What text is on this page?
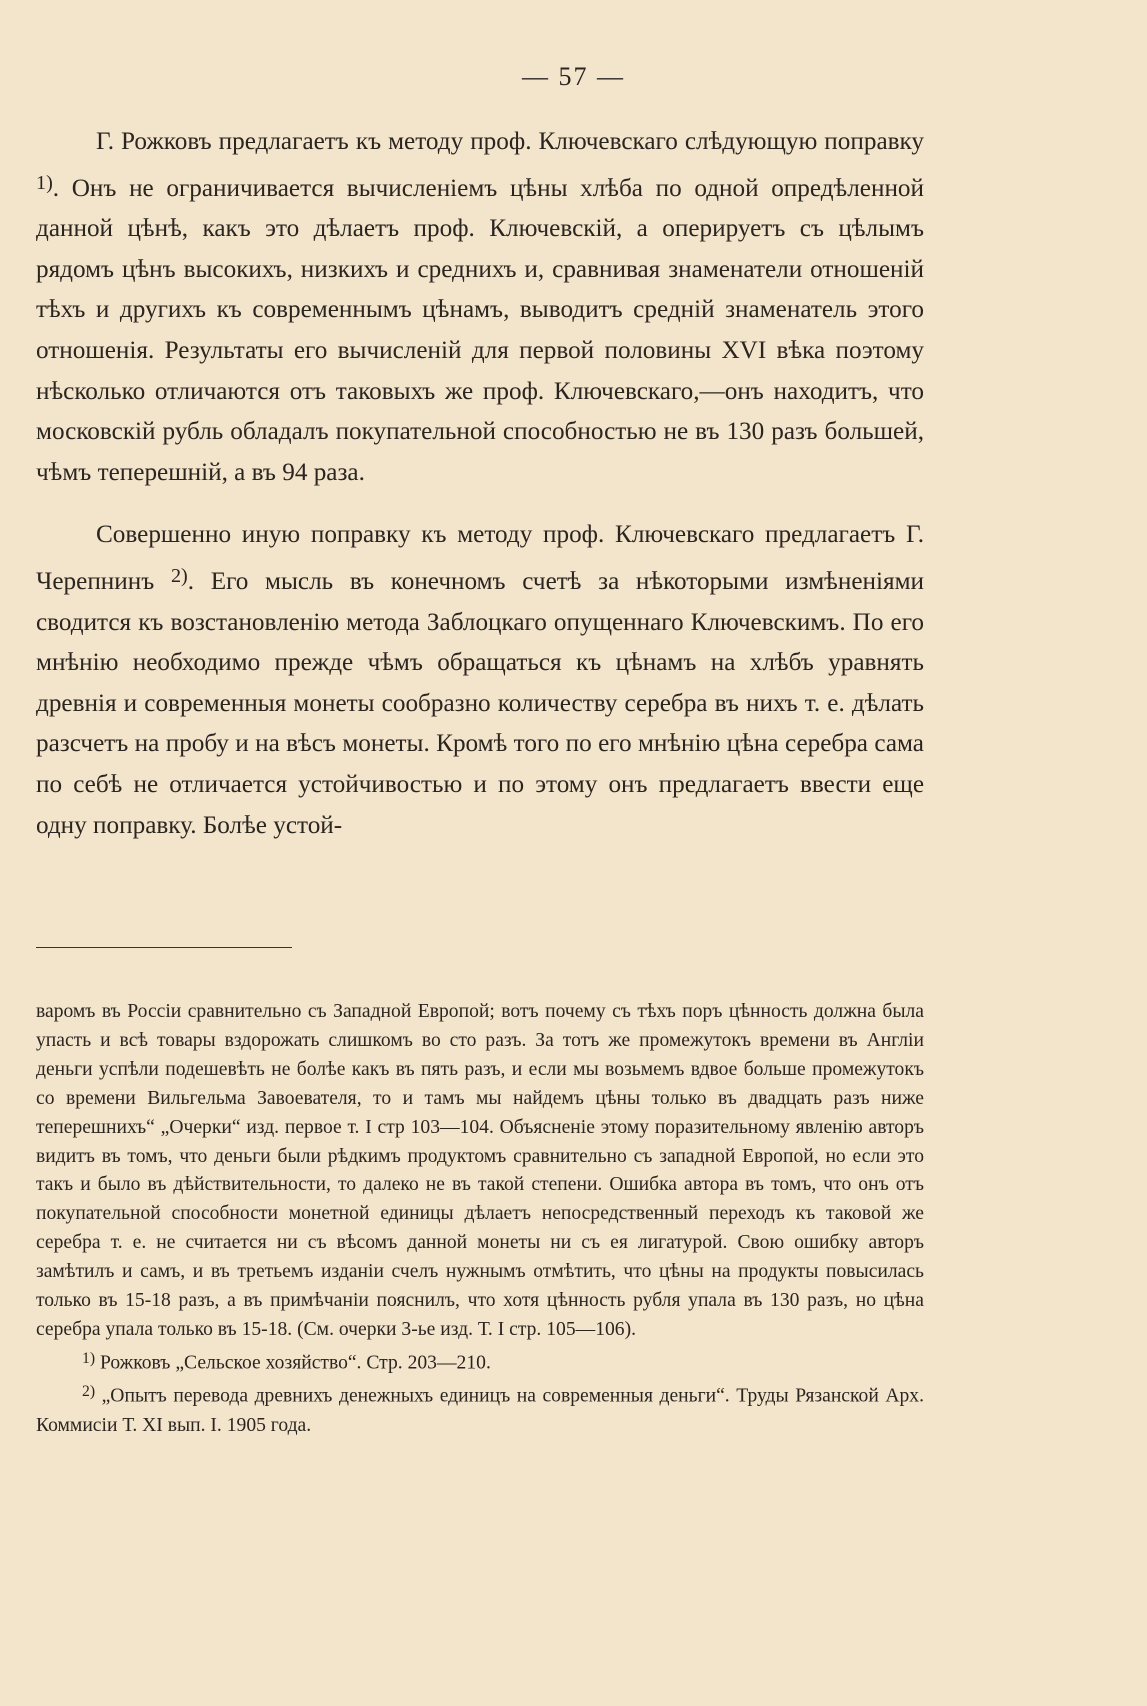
— 57 —

Г. Рожковъ предлагаетъ къ методу проф. Ключевскаго слѣдующую поправку $^{1)}$. Онъ не ограничивается вычисленіемъ цѣны хлѣба по одной опредѣленной данной цѣнѣ, какъ это дѣлаетъ проф. Ключевскій, а оперируетъ съ цѣлымъ рядомъ цѣнъ высокихъ, низкихъ и среднихъ и, сравнивая знаменатели отношеній тѣхъ и другихъ къ современнымъ цѣнамъ, выводитъ средній знаменатель этого отношенія. Результаты его вычисленій для первой половины XVI вѣка поэтому нѣсколько отличаются отъ таковыхъ же проф. Ключевскаго,—онъ находитъ, что московскій рубль обладалъ покупательной способностью не въ 130 разъ большей, чѣмъ теперешній, а въ 94 раза.

Совершенно иную поправку къ методу проф. Ключевскаго предлагаетъ Г. Черепнинъ $^{2)}$. Его мысль въ конечномъ счетѣ за нѣкоторыми измѣненіями сводится къ возстановленію метода Заблоцкаго опущеннаго Ключевскимъ. По его мнѣнію необходимо прежде чѣмъ обращаться къ цѣнамъ на хлѣбъ уравнять древнія и современныя монеты сообразно количеству серебра въ нихъ т. е. дѣлать разсчетъ на пробу и на вѣсъ монеты. Кромѣ того по его мнѣнію цѣна серебра сама по себѣ не отличается устойчивостью и по этому онъ предлагаетъ ввести еще одну поправку. Болѣе устой-

варомъ въ Россіи сравнительно съ Западной Европой; вотъ почему съ тѣхъ поръ цѣнность должна была упасть и всѣ товары вздорожать слишкомъ во сто разъ. За тотъ же промежутокъ времени въ Англіи деньги успѣли подешевѣть не болѣе какъ въ пять разъ, и если мы возьмемъ вдвое больше промежутокъ со времени Вильгельма Завоевателя, то и тамъ мы найдемъ цѣны только въ двадцать разъ ниже теперешнихъ“ „Очерки“ изд. первое т. I стр 103—104. Объясненіе этому поразительному явленію авторъ видитъ въ томъ, что деньги были рѣдкимъ продуктомъ сравнительно съ западной Европой, но если это такъ и было въ дѣйствительности, то далеко не въ такой степени. Ошибка автора въ томъ, что онъ отъ покупательной способности монетной единицы дѣлаетъ непосредственный переходъ къ таковой же серебра т. е. не считается ни съ вѣсомъ данной монеты ни съ ея лигатурой. Свою ошибку авторъ замѣтилъ и самъ, и въ третьемъ изданіи счелъ нужнымъ отмѣтить, что цѣны на продукты повысилась только въ 15-18 разъ, а въ примѣчаніи пояснилъ, что хотя цѣнность рубля упала въ 130 разъ, но цѣна серебра упала только въ 15-18. (См. очерки 3-ье изд. Т. I стр. 105—106).

$^{1)}$ Рожковъ „Сельское хозяйство“. Стр. 203—210.

$^{2)}$ „Опытъ перевода древнихъ денежныхъ единицъ на современныя деньги“. Труды Рязанской Арх. Коммисіи Т. XI вып. I. 1905 года.
